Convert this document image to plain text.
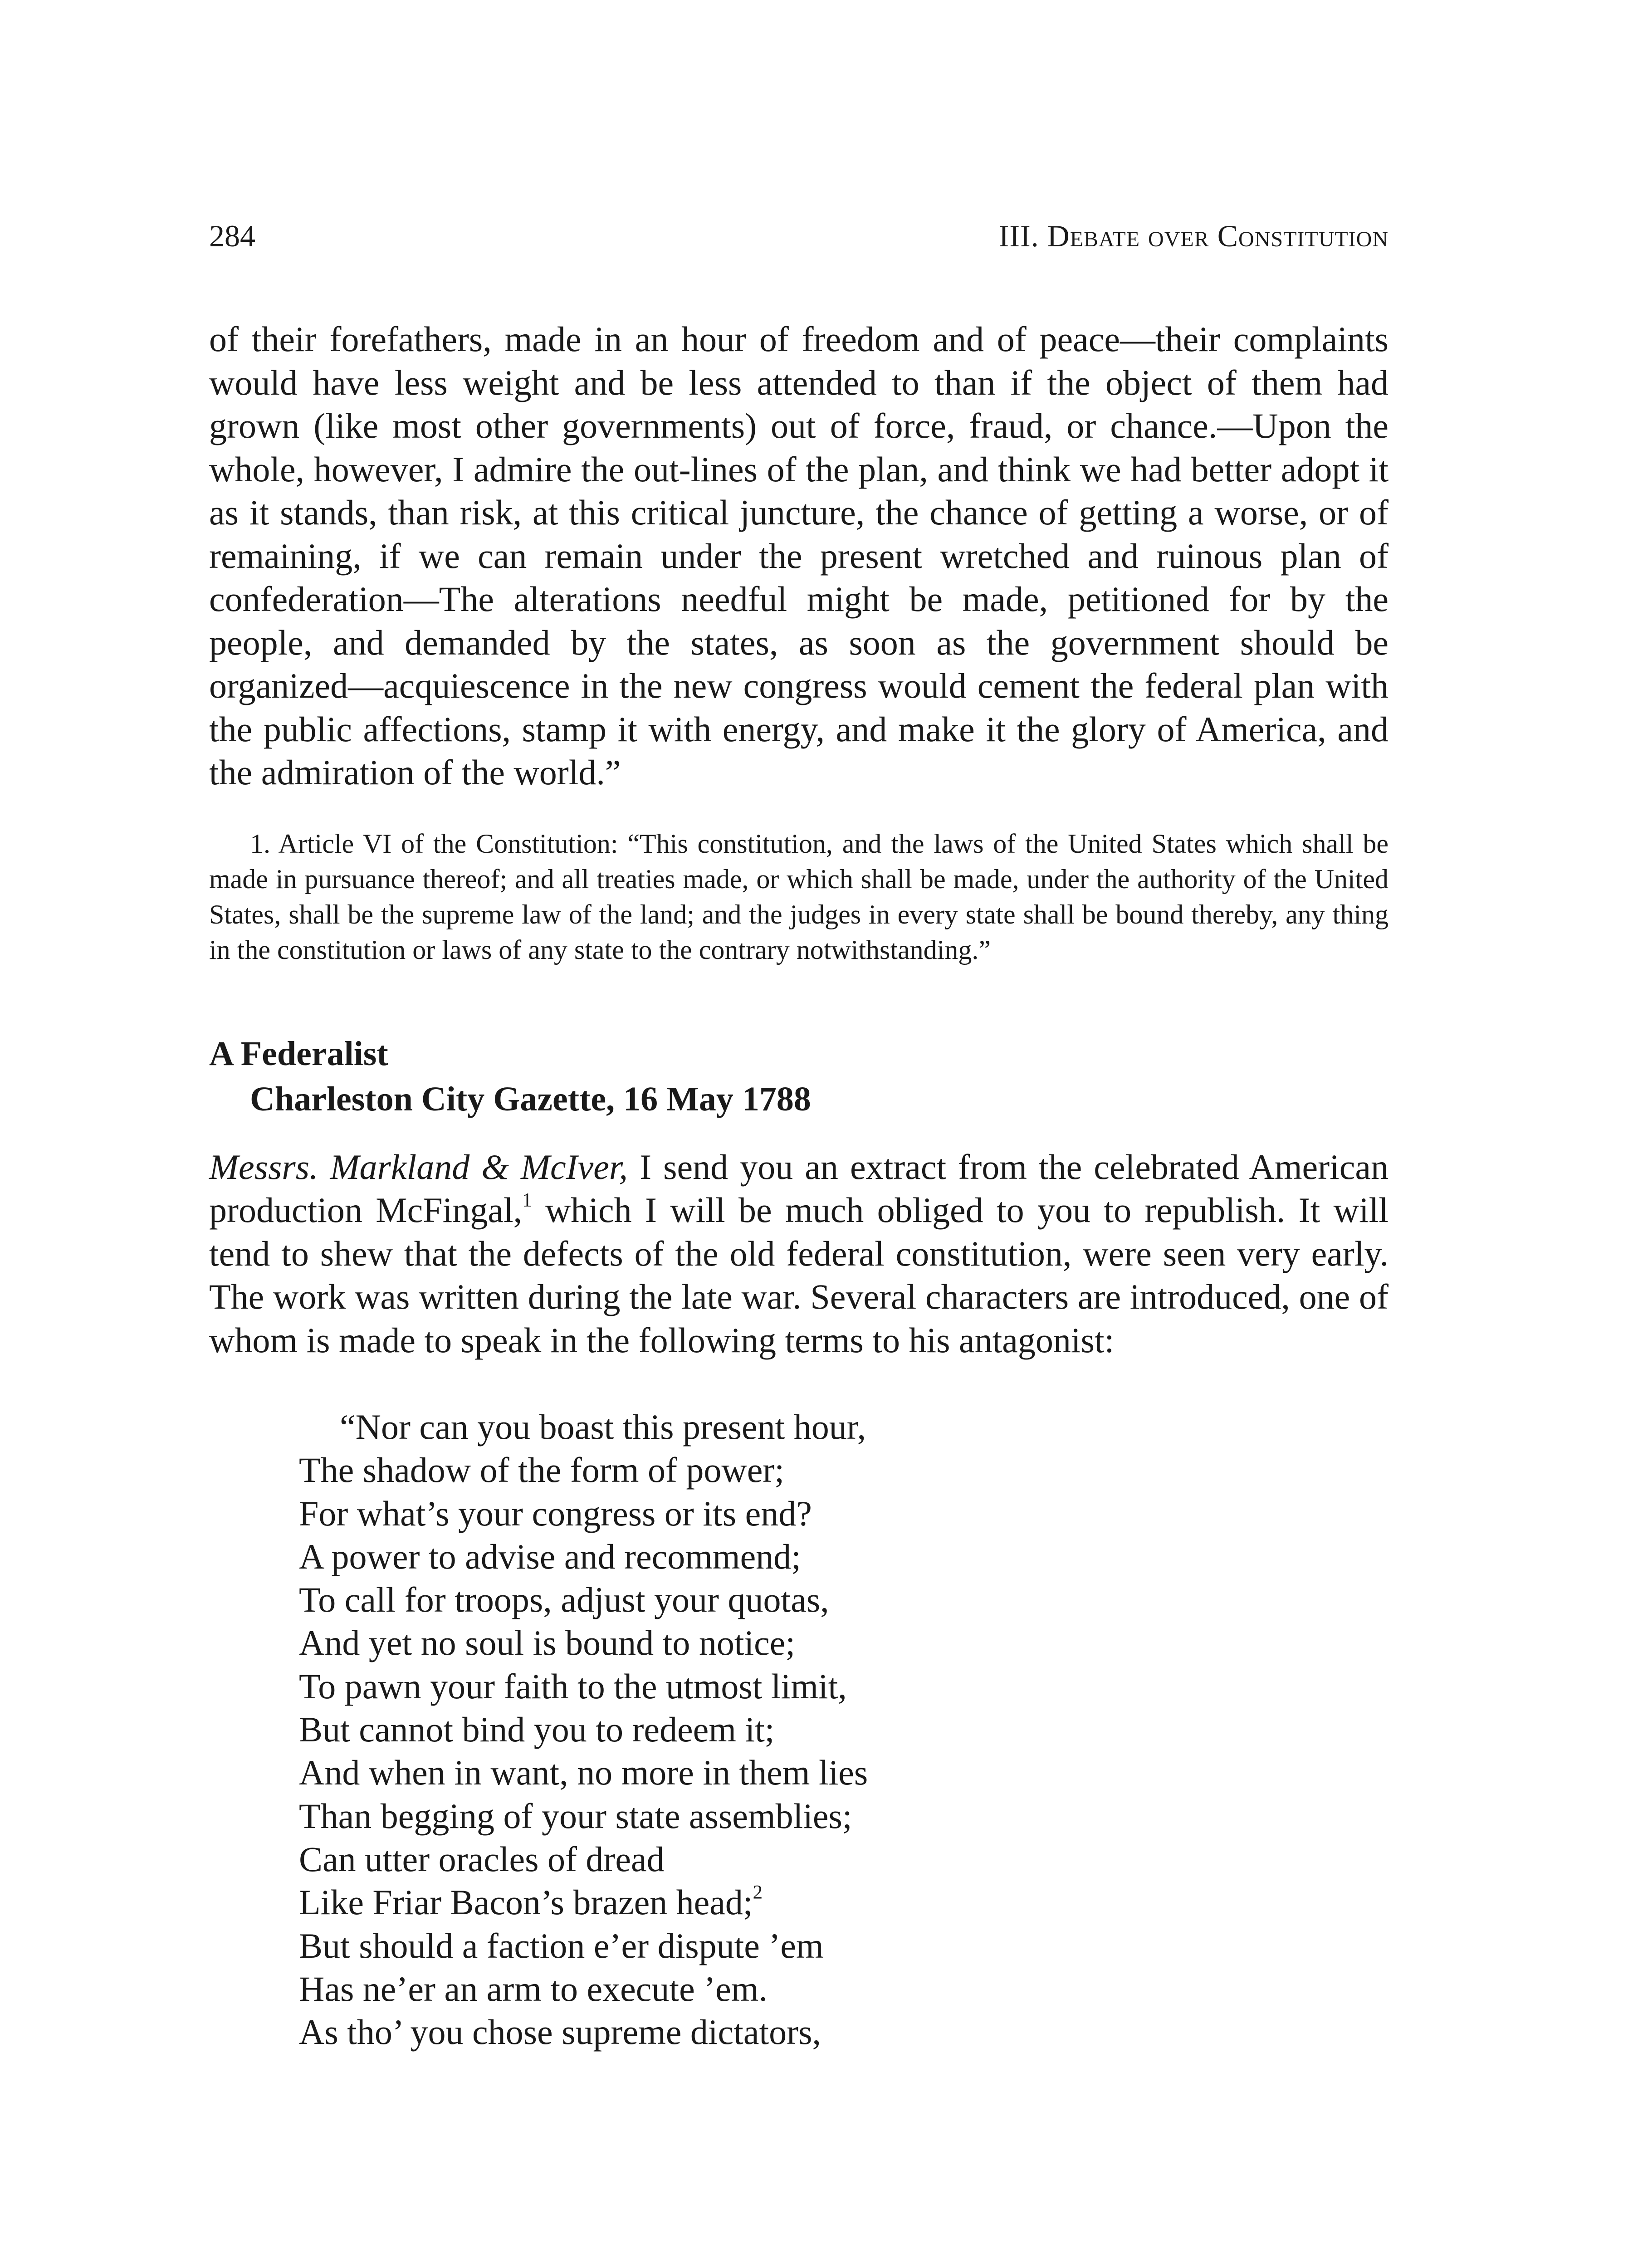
284	III. Debate over Constitution

of their forefathers, made in an hour of freedom and of peace—their complaints would have less weight and be less attended to than if the object of them had grown (like most other governments) out of force, fraud, or chance.—Upon the whole, however, I admire the out-lines of the plan, and think we had better adopt it as it stands, than risk, at this critical juncture, the chance of getting a worse, or of remaining, if we can remain under the present wretched and ruinous plan of confederation—The alterations needful might be made, petitioned for by the people, and demanded by the states, as soon as the government should be organized—acquiescence in the new congress would cement the federal plan with the public affections, stamp it with energy, and make it the glory of America, and the admiration of the world.”

1. Article VI of the Constitution: “This constitution, and the laws of the United States which shall be made in pursuance thereof; and all treaties made, or which shall be made, under the authority of the United States, shall be the supreme law of the land; and the judges in every state shall be bound thereby, any thing in the constitution or laws of any state to the contrary notwithstanding.”

A Federalist
Charleston City Gazette, 16 May 1788

Messrs. Markland & McIver, I send you an extract from the celebrated American production McFingal,$^1$ which I will be much obliged to you to republish. It will tend to shew that the defects of the old federal constitution, were seen very early. The work was written during the late war. Several characters are introduced, one of whom is made to speak in the following terms to his antagonist:

“Nor can you boast this present hour,
The shadow of the form of power;
For what’s your congress or its end?
A power to advise and recommend;
To call for troops, adjust your quotas,
And yet no soul is bound to notice;
To pawn your faith to the utmost limit,
But cannot bind you to redeem it;
And when in want, no more in them lies
Than begging of your state assemblies;
Can utter oracles of dread
Like Friar Bacon’s brazen head;$^2$
But should a faction e’er dispute ’em
Has ne’er an arm to execute ’em.
As tho’ you chose supreme dictators,
